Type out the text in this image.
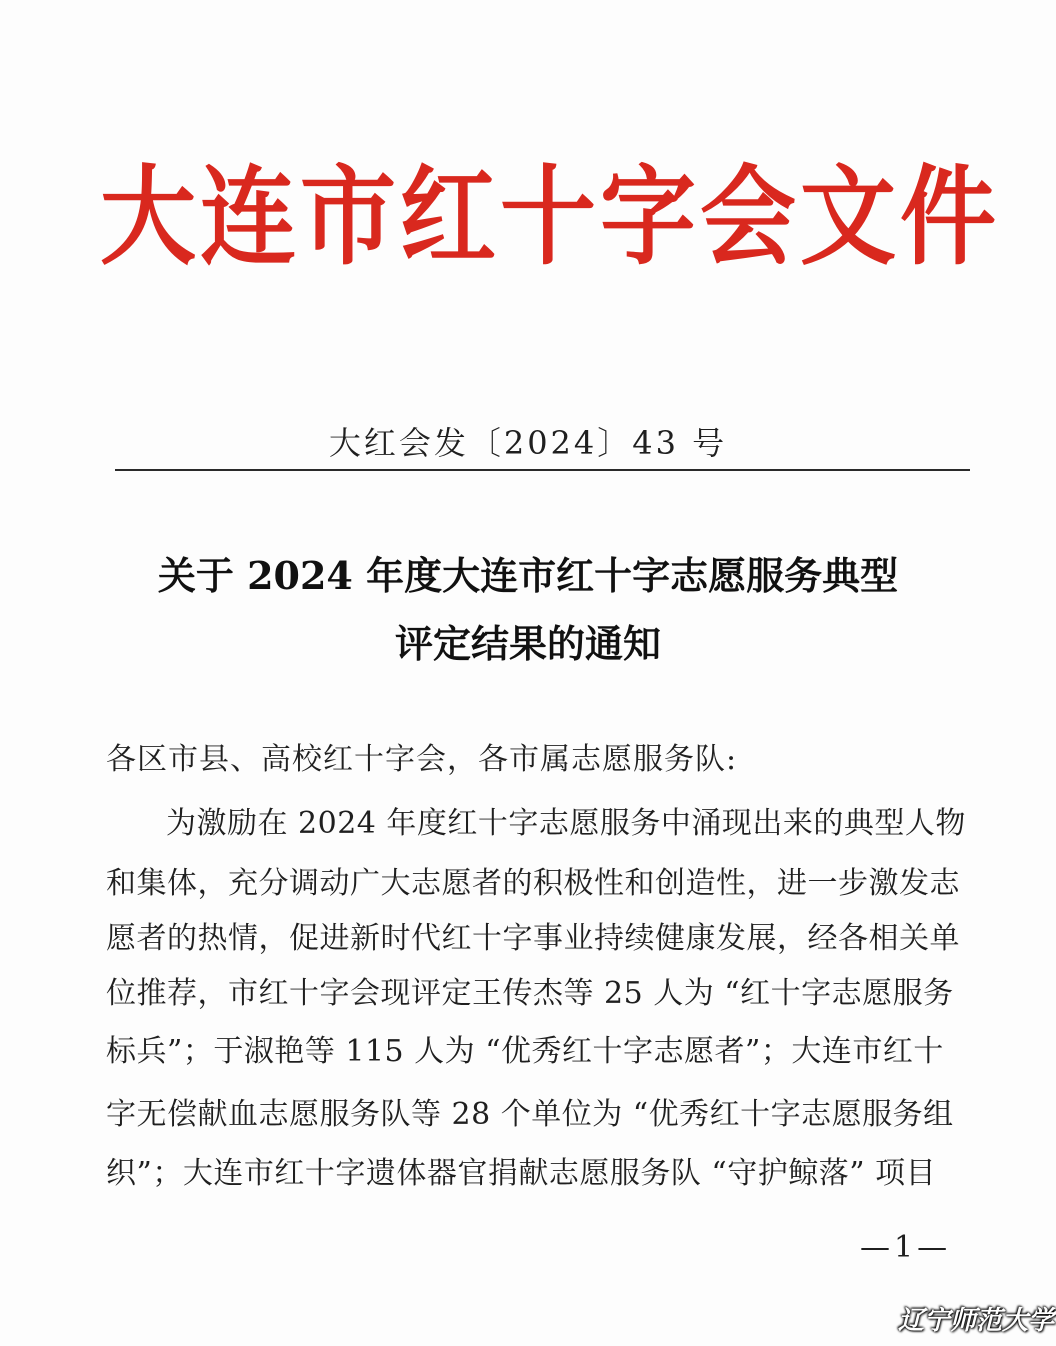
大连市红十字会文件
大红会发〔2024〕43 号
关于 2024 年度大连市红十字志愿服务典型
评定结果的通知
各区市县、高校红十字会，各市属志愿服务队:
为激励在 2024 年度红十字志愿服务中涌现出来的典型人物
和集体，充分调动广大志愿者的积极性和创造性，进一步激发志
愿者的热情，促进新时代红十字事业持续健康发展，经各相关单
位推荐，市红十字会现评定王传杰等 25 人为 “红十字志愿服务
标兵”；于淑艳等 115 人为 “优秀红十字志愿者”；大连市红十
字无偿献血志愿服务队等 28 个单位为 “优秀红十字志愿服务组
织”；大连市红十字遗体器官捐献志愿服务队 “守护鲸落” 项目
—1—
辽宁师范大学
